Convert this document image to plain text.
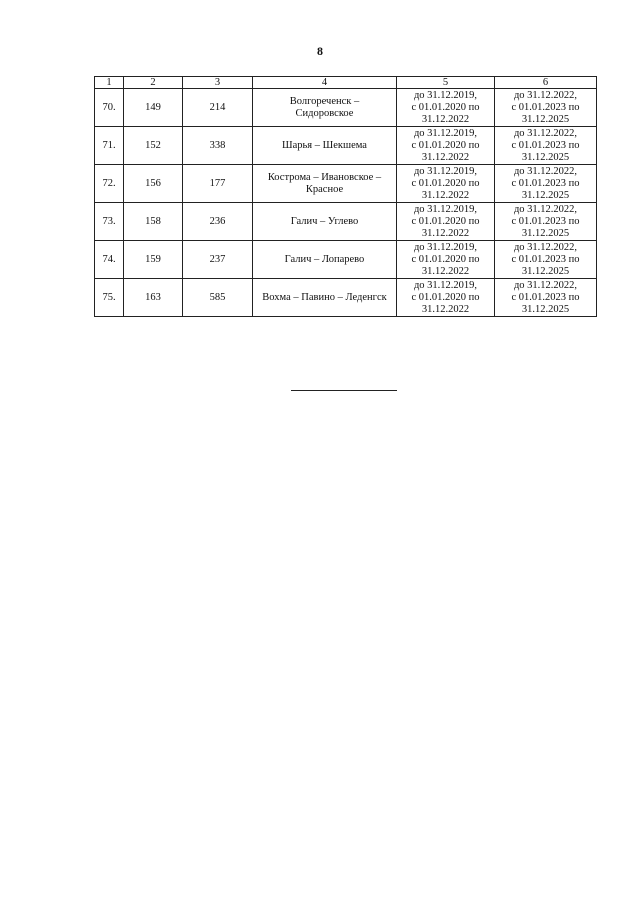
8
1	2	3	4	5	6

70.	149	214	Волгореченск –
Сидоровское	до 31.12.2019,
с 01.01.2020 по
31.12.2022	до 31.12.2022,
с 01.01.2023 по
31.12.2025

71.	152	338	Шарья – Шекшема	до 31.12.2019,
с 01.01.2020 по
31.12.2022	до 31.12.2022,
с 01.01.2023 по
31.12.2025

72.	156	177	Кострома – Ивановское –
Красное	до 31.12.2019,
с 01.01.2020 по
31.12.2022	до 31.12.2022,
с 01.01.2023 по
31.12.2025

73.	158	236	Галич – Углево	до 31.12.2019,
с 01.01.2020 по
31.12.2022	до 31.12.2022,
с 01.01.2023 по
31.12.2025

74.	159	237	Галич – Лопарево	до 31.12.2019,
с 01.01.2020 по
31.12.2022	до 31.12.2022,
с 01.01.2023 по
31.12.2025

75.	163	585	Вохма – Павино – Леденгск	до 31.12.2019,
с 01.01.2020 по
31.12.2022	до 31.12.2022,
с 01.01.2023 по
31.12.2025
